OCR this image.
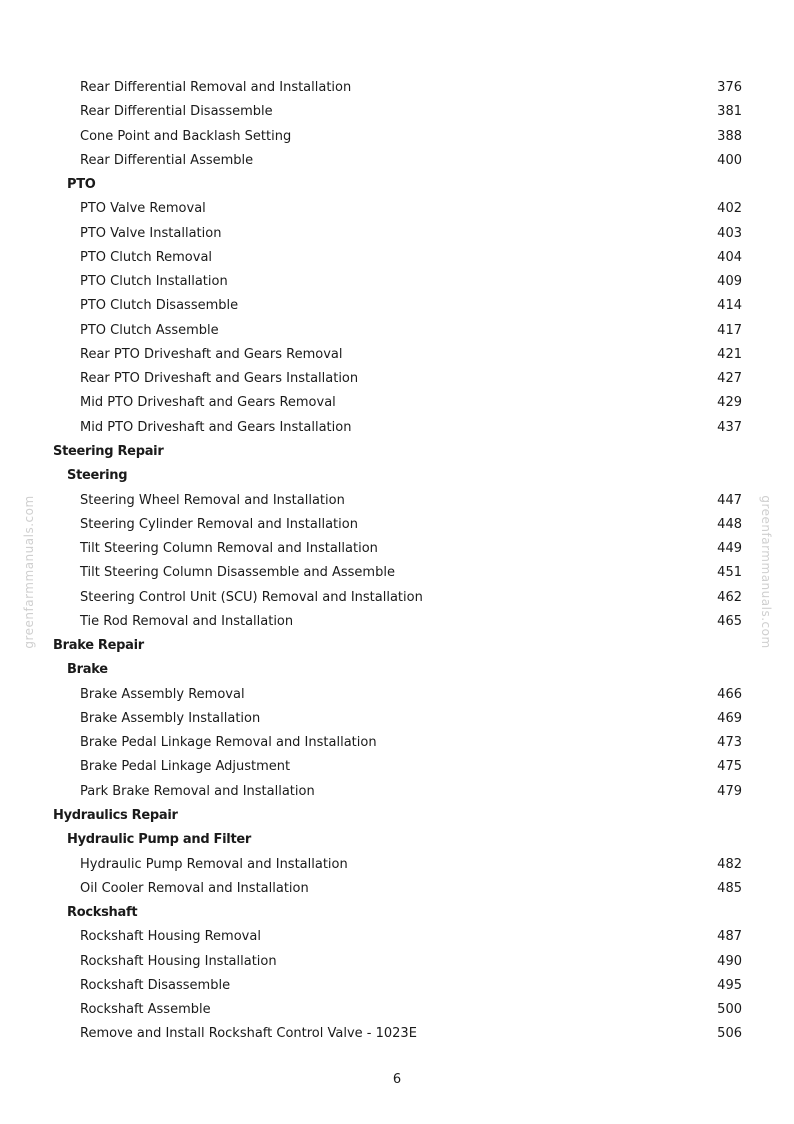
greenfarmmanuals.com	greenfarmmanuals.com
Rear Differential Removal and Installation	376
Rear Differential Disassemble	381
Cone Point and Backlash Setting	388
Rear Differential Assemble	400
PTO
PTO Valve Removal	402
PTO Valve Installation	403
PTO Clutch Removal	404
PTO Clutch Installation	409
PTO Clutch Disassemble	414
PTO Clutch Assemble	417
Rear PTO Driveshaft and Gears Removal	421
Rear PTO Driveshaft and Gears Installation	427
Mid PTO Driveshaft and Gears Removal	429
Mid PTO Driveshaft and Gears Installation	437
Steering Repair
Steering
Steering Wheel Removal and Installation	447
Steering Cylinder Removal and Installation	448
Tilt Steering Column Removal and Installation	449
Tilt Steering Column Disassemble and Assemble	451
Steering Control Unit (SCU) Removal and Installation	462
Tie Rod Removal and Installation	465
Brake Repair
Brake
Brake Assembly Removal	466
Brake Assembly Installation	469
Brake Pedal Linkage Removal and Installation	473
Brake Pedal Linkage Adjustment	475
Park Brake Removal and Installation	479
Hydraulics Repair
Hydraulic Pump and Filter
Hydraulic Pump Removal and Installation	482
Oil Cooler Removal and Installation	485
Rockshaft
Rockshaft Housing Removal	487
Rockshaft Housing Installation	490
Rockshaft Disassemble	495
Rockshaft Assemble	500
Remove and Install Rockshaft Control Valve - 1023E	506
6
